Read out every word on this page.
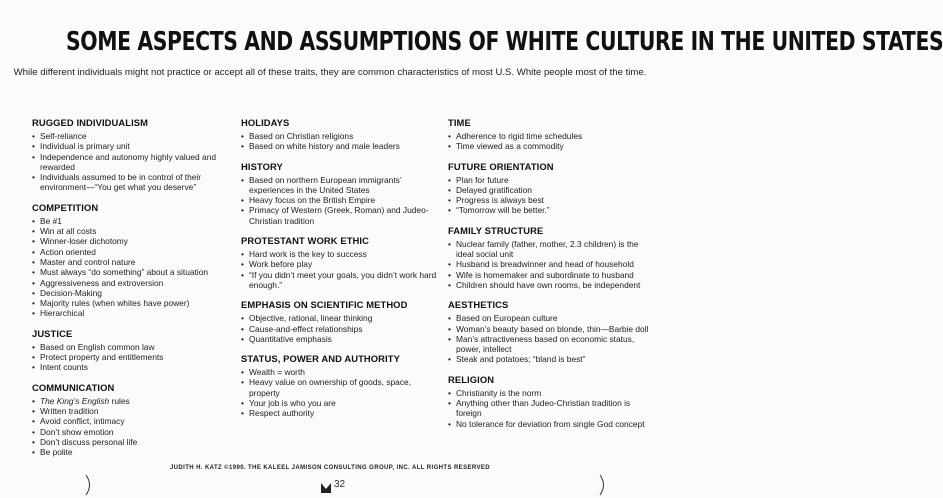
SOME ASPECTS AND ASSUMPTIONS OF WHITE CULTURE IN THE UNITED STATES
While different individuals might not practice or accept all of these traits, they are common characteristics of most U.S. White people most of the time.
RUGGED INDIVIDUALISM
• Self-reliance
• Individual is primary unit
• Independence and autonomy highly valued and rewarded
• Individuals assumed to be in control of their environment—“You get what you deserve”
COMPETITION
• Be #1
• Win at all costs
• Winner-loser dichotomy
• Action oriented
• Master and control nature
• Must always “do something” about a situation
• Aggressiveness and extroversion
• Decision-Making
• Majority rules (when whites have power)
• Hierarchical
JUSTICE
• Based on English common law
• Protect property and entitlements
• Intent counts
COMMUNICATION
• The King’s English rules
• Written tradition
• Avoid conflict, intimacy
• Don’t show emotion
• Don’t discuss personal life
• Be polite
HOLIDAYS
• Based on Christian religions
• Based on white history and male leaders
HISTORY
• Based on northern European immigrants’ experiences in the United States
• Heavy focus on the British Empire
• Primacy of Western (Greek, Roman) and Judeo-Christian tradition
PROTESTANT WORK ETHIC
• Hard work is the key to success
• Work before play
• “If you didn’t meet your goals, you didn’t work hard enough.”
EMPHASIS ON SCIENTIFIC METHOD
• Objective, rational, linear thinking
• Cause-and-effect relationships
• Quantitative emphasis
STATUS, POWER AND AUTHORITY
• Wealth = worth
• Heavy value on ownership of goods, space, property
• Your job is who you are
• Respect authority
TIME
• Adherence to rigid time schedules
• Time viewed as a commodity
FUTURE ORIENTATION
• Plan for future
• Delayed gratification
• Progress is always best
• “Tomorrow will be better.”
FAMILY STRUCTURE
• Nuclear family (father, mother, 2.3 children) is the ideal social unit
• Husband is breadwinner and head of household
• Wife is homemaker and subordinate to husband
• Children should have own rooms, be independent
AESTHETICS
• Based on European culture
• Woman’s beauty based on blonde, thin—Barbie doll
• Man’s attractiveness based on economic status, power, intellect
• Steak and potatoes; “bland is best”
RELIGION
• Christianity is the norm
• Anything other than Judeo-Christian tradition is foreign
• No tolerance for deviation from single God concept
JUDITH H. KATZ ©1990. THE KALEEL JAMISON CONSULTING GROUP, INC. ALL RIGHTS RESERVED
32
